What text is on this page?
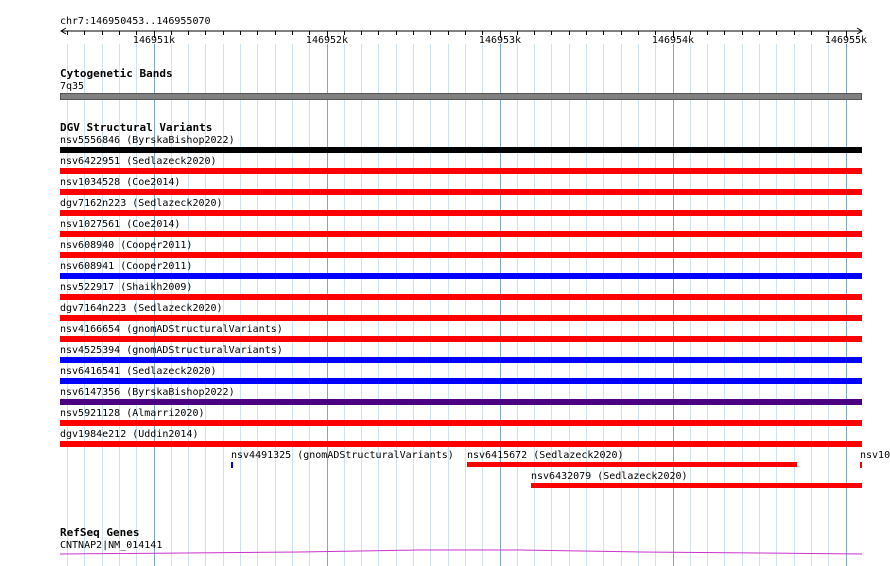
chr7:146950453..146955070
146951k	146952k	146953k	146954k	146955k
Cytogenetic Bands
7q35
DGV Structural Variants
nsv5556846 (ByrskaBishop2022)
nsv6422951 (Sedlazeck2020)
nsv1034528 (Coe2014)
dgv7162n223 (Sedlazeck2020)
nsv1027561 (Coe2014)
nsv608940 (Cooper2011)
nsv608941 (Cooper2011)
nsv522917 (Shaikh2009)
dgv7164n223 (Sedlazeck2020)
nsv4166654 (gnomADStructuralVariants)
nsv4525394 (gnomADStructuralVariants)
nsv6416541 (Sedlazeck2020)
nsv6147356 (ByrskaBishop2022)
nsv5921128 (Almarri2020)
dgv1984e212 (Uddin2014)
nsv4491325 (gnomADStructuralVariants) nsv6415672 (Sedlazeck2020)	nsv10
nsv6432079 (Sedlazeck2020)
RefSeq Genes
CNTNAP2|NM_014141
